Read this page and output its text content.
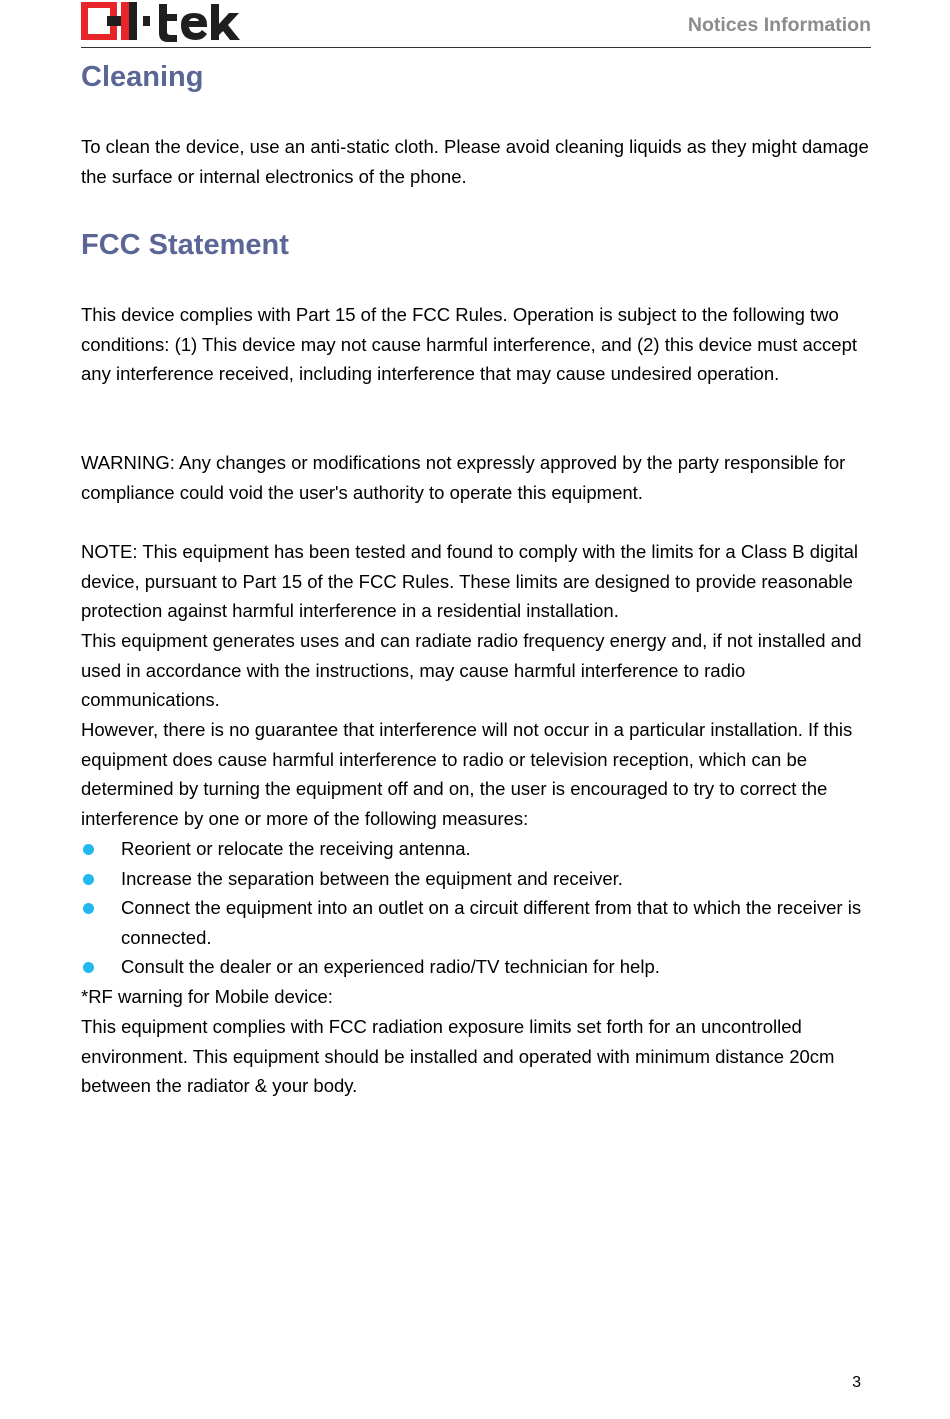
Notices Information
Cleaning

To clean the device, use an anti-static cloth. Please avoid cleaning liquids as they might damage the surface or internal electronics of the phone.

FCC Statement

This device complies with Part 15 of the FCC Rules. Operation is subject to the following two conditions: (1) This device may not cause harmful interference, and (2) this device must accept any interference received, including interference that may cause undesired operation.

WARNING: Any changes or modifications not expressly approved by the party responsible for compliance could void the user's authority to operate this equipment.

NOTE: This equipment has been tested and found to comply with the limits for a Class B digital device, pursuant to Part 15 of the FCC Rules. These limits are designed to provide reasonable protection against harmful interference in a residential installation.

This equipment generates uses and can radiate radio frequency energy and, if not installed and used in accordance with the instructions, may cause harmful interference to radio communications.

However, there is no guarantee that interference will not occur in a particular installation. If this equipment does cause harmful interference to radio or television reception, which can be determined by turning the equipment off and on, the user is encouraged to try to correct the interference by one or more of the following measures:

Reorient or relocate the receiving antenna.
Increase the separation between the equipment and receiver.
Connect the equipment into an outlet on a circuit different from that to which the receiver is connected.
Consult the dealer or an experienced radio/TV technician for help.

*RF warning for Mobile device:

This equipment complies with FCC radiation exposure limits set forth for an uncontrolled environment. This equipment should be installed and operated with minimum distance 20cm between the radiator & your body.

3
